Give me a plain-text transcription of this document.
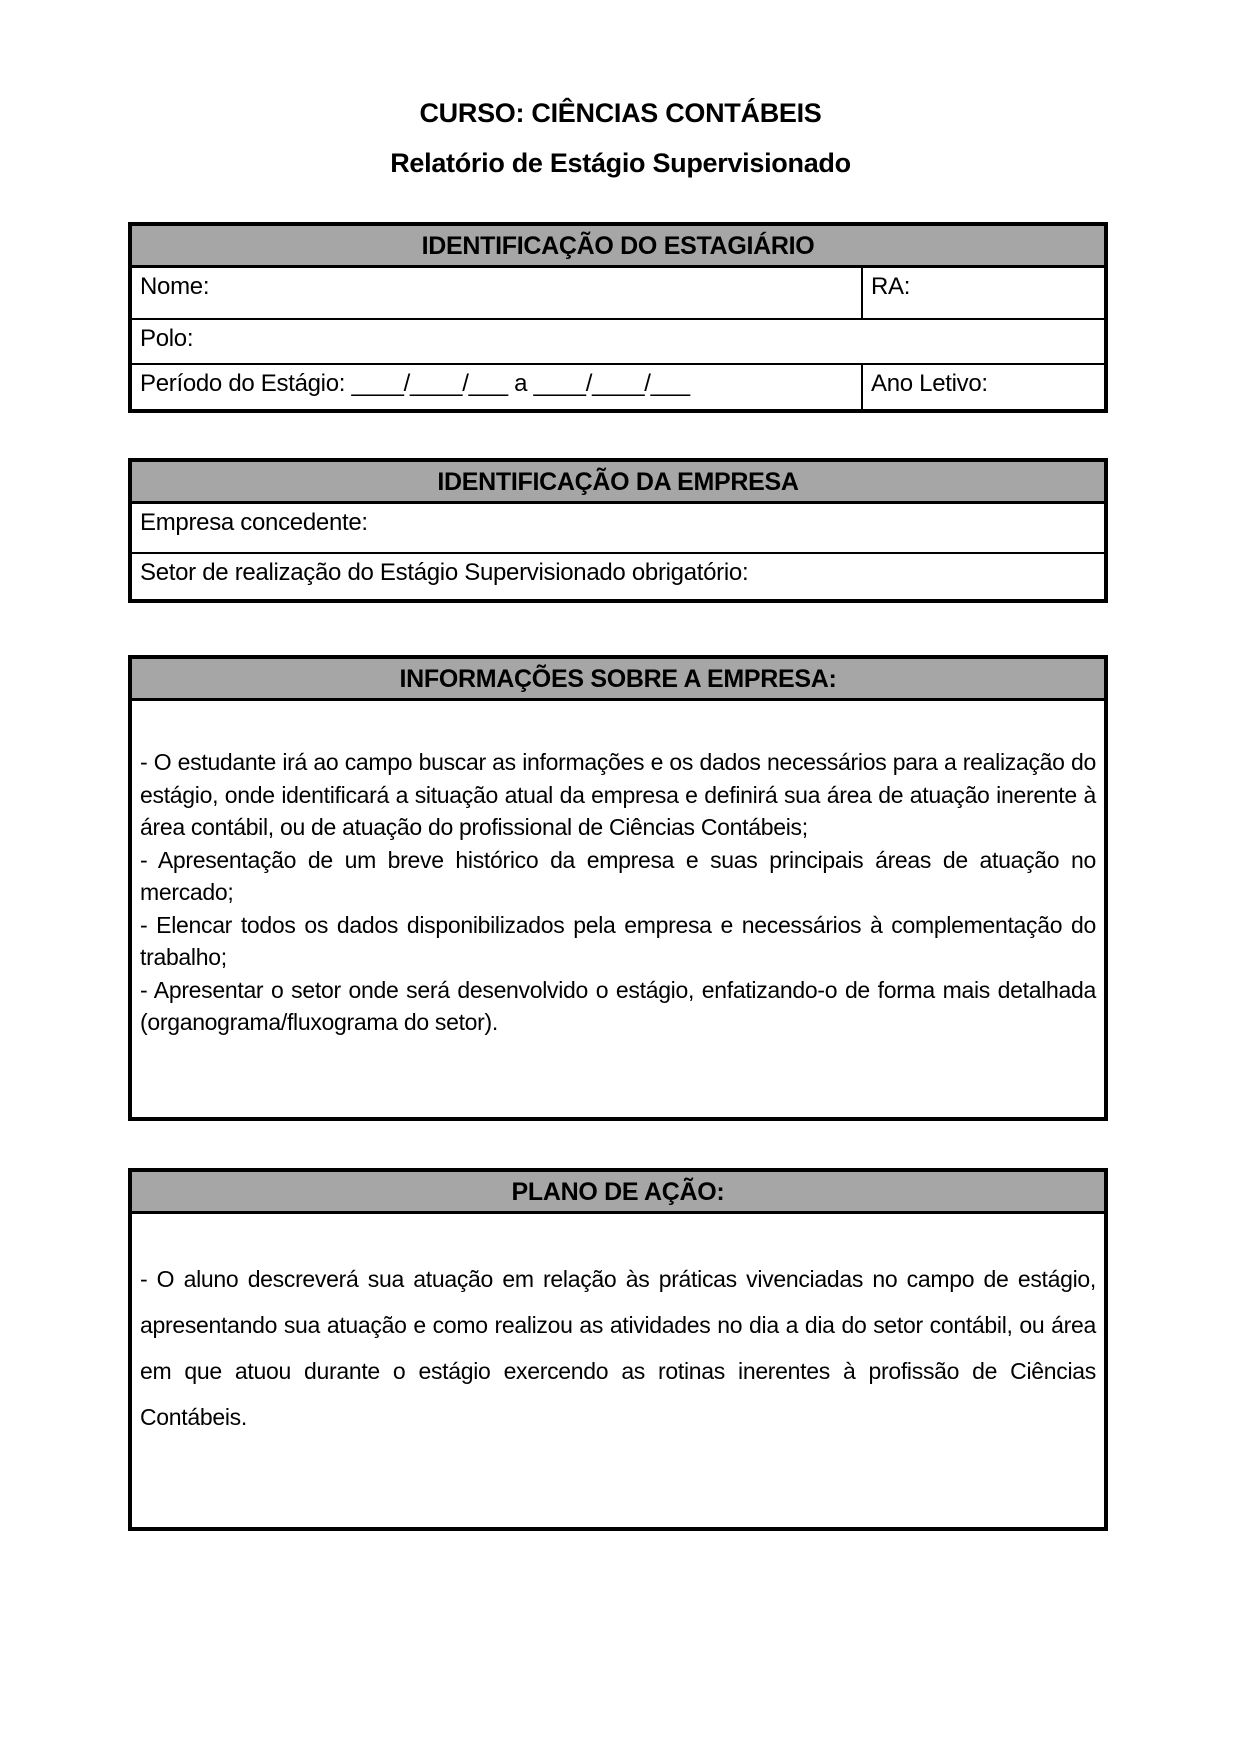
CURSO: CIÊNCIAS CONTÁBEIS
Relatório de Estágio Supervisionado
IDENTIFICAÇÃO DO ESTAGIÁRIO
Nome:	RA:
Polo:
Período do Estágio: ____/____/___ a ____/____/___	Ano Letivo:
IDENTIFICAÇÃO DA EMPRESA
Empresa concedente:
Setor de realização do Estágio Supervisionado obrigatório:
INFORMAÇÕES SOBRE A EMPRESA:

- O estudante irá ao campo buscar as informações e os dados necessários para a realização do estágio, onde identificará a situação atual da empresa e definirá sua área de atuação inerente à área contábil, ou de atuação do profissional de Ciências Contábeis;

- Apresentação de um breve histórico da empresa e suas principais áreas de atuação no mercado;

- Elencar todos os dados disponibilizados pela empresa e necessários à complementação do trabalho;

- Apresentar o setor onde será desenvolvido o estágio, enfatizando-o de forma mais detalhada (organograma/fluxograma do setor).

PLANO DE AÇÃO:

- O aluno descreverá sua atuação em relação às práticas vivenciadas no campo de estágio, apresentando sua atuação e como realizou as atividades no dia a dia do setor contábil, ou área em que atuou durante o estágio exercendo as rotinas inerentes à profissão de Ciências Contábeis.
